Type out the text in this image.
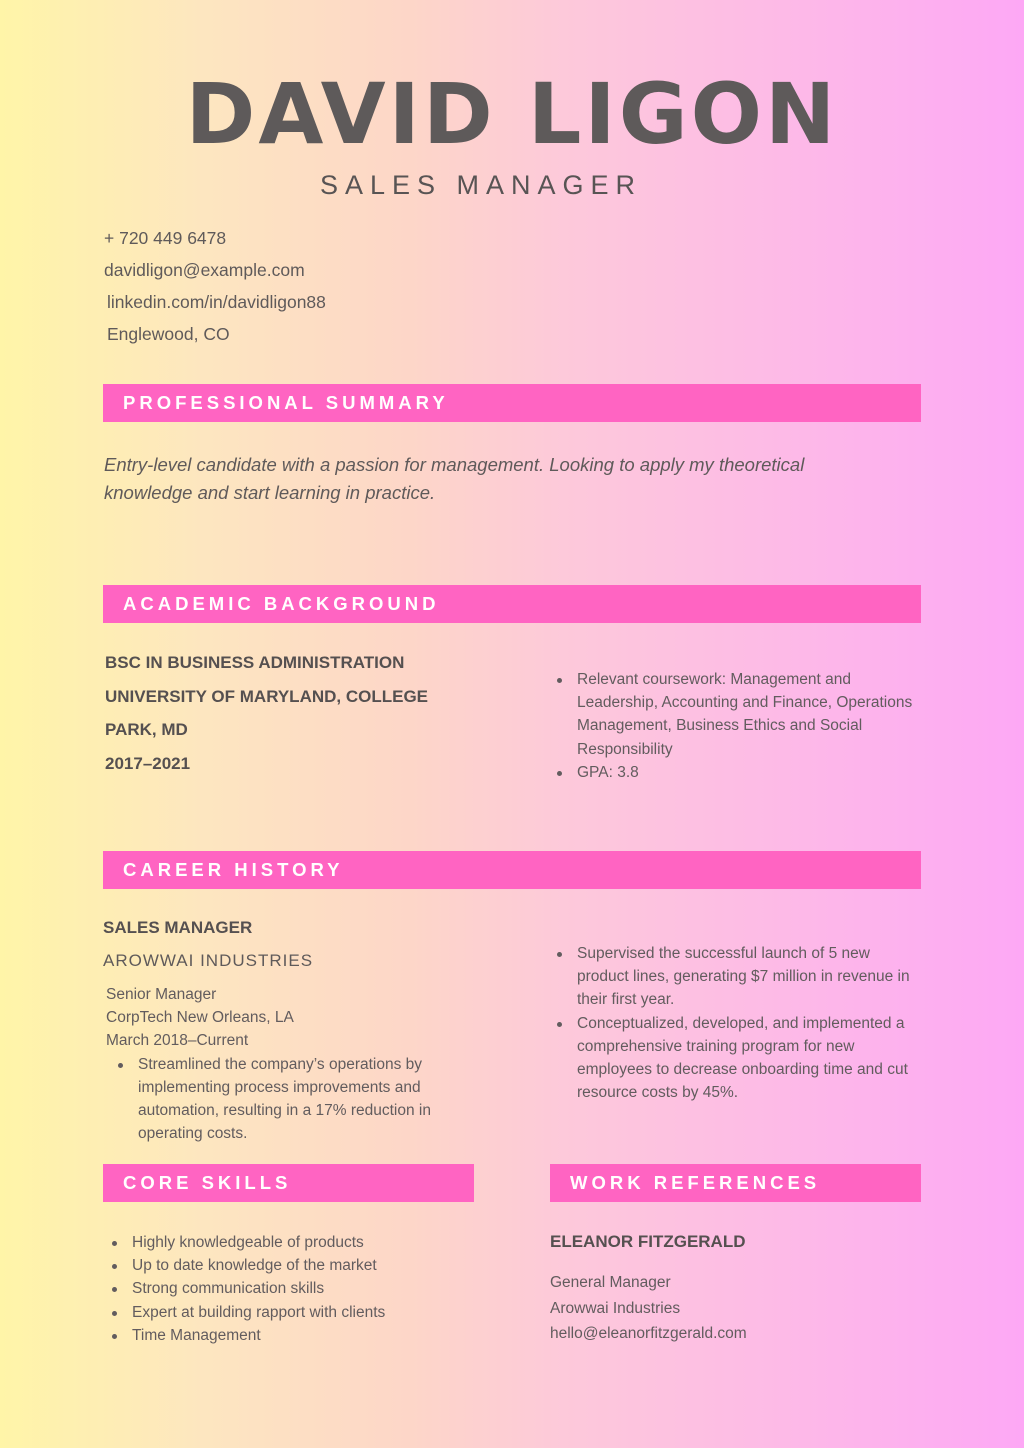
DAVID LIGON
SALES MANAGER
+ 720 449 6478
davidligon@example.com
linkedin.com/in/davidligon88
Englewood, CO
PROFESSIONAL SUMMARY
Entry-level candidate with a passion for management. Looking to apply my theoretical knowledge and start learning in practice.
ACADEMIC BACKGROUND
BSC IN BUSINESS ADMINISTRATION
UNIVERSITY OF MARYLAND, COLLEGE
PARK, MD
2017–2021
Relevant coursework: Management and Leadership, Accounting and Finance, Operations Management, Business Ethics and Social Responsibility
GPA: 3.8
CAREER HISTORY
SALES MANAGER
AROWWAI INDUSTRIES
Senior Manager
CorpTech New Orleans, LA
March 2018–Current
Streamlined the company’s operations by implementing process improvements and automation, resulting in a 17% reduction in operating costs.
Supervised the successful launch of 5 new product lines, generating $7 million in revenue in their first year.
Conceptualized, developed, and implemented a comprehensive training program for new employees to decrease onboarding time and cut resource costs by 45%.
CORE SKILLS
Highly knowledgeable of products
Up to date knowledge of the market
Strong communication skills
Expert at building rapport with clients
Time Management
WORK REFERENCES
ELEANOR FITZGERALD
General Manager
Arowwai Industries
hello@eleanorfitzgerald.com
